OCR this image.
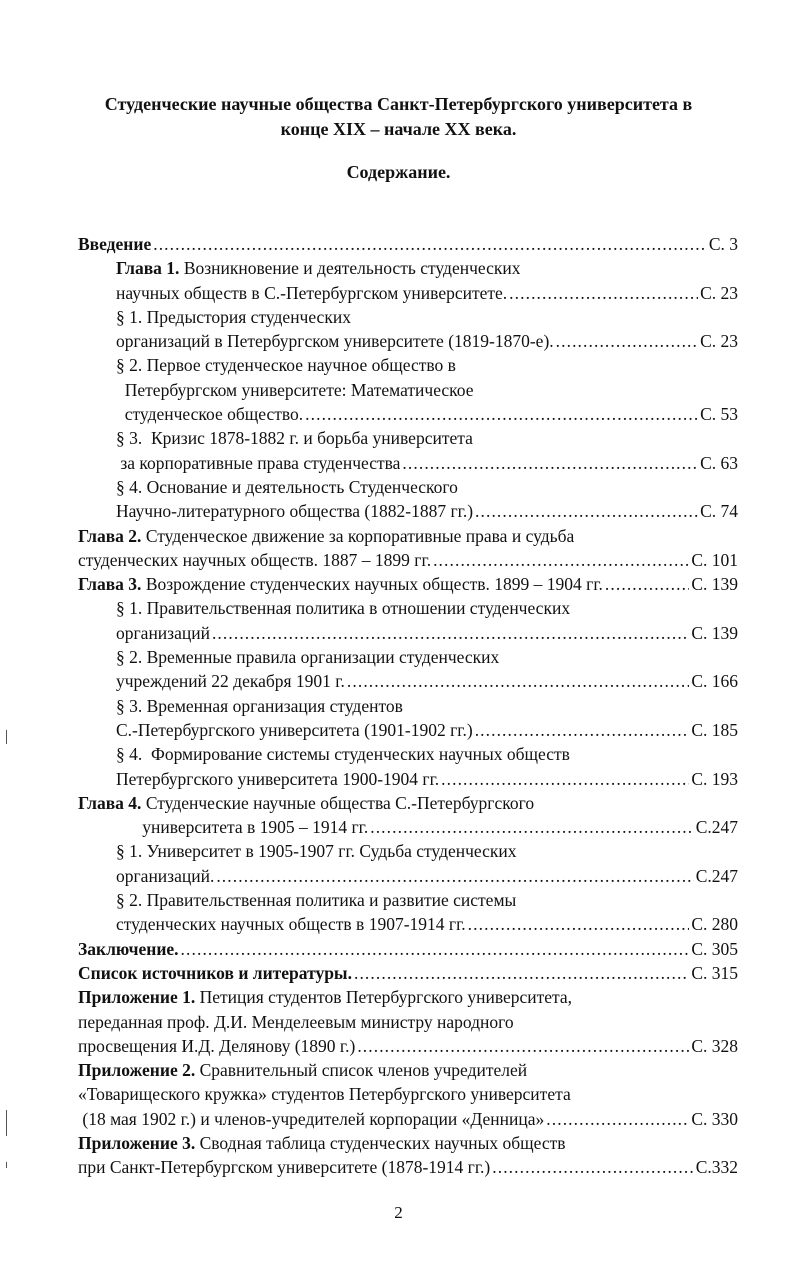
Студенческие научные общества Санкт-Петербургского университета в
конце XIX – начале XX века.
Содержание.
Введение .....	С. 3
Глава 1. Возникновение и деятельность студенческих
научных обществ в С.-Петербургском университете. .....	С. 23
§ 1. Предыстория студенческих
организаций в Петербургском университете (1819-1870-е). .....	С. 23
§ 2. Первое студенческое научное общество в
Петербургском университете: Математическое
студенческое общество. .....	С. 53
§ 3.  Кризис 1878-1882 г. и борьба университета
за корпоративные права студенчества .....	С. 63
§ 4. Основание и деятельность Студенческого
Научно-литературного общества (1882-1887 гг.) .....	С. 74
Глава 2. Студенческое движение за корпоративные права и судьба
студенческих научных обществ. 1887 – 1899 гг. .....	С. 101
Глава 3. Возрождение студенческих научных обществ. 1899 – 1904 гг. .....	С. 139
§ 1. Правительственная политика в отношении студенческих
организаций .....	С. 139
§ 2. Временные правила организации студенческих
учреждений 22 декабря 1901 г. .....	С. 166
§ 3. Временная организация студентов
С.-Петербургского университета (1901-1902 гг.) .....	С. 185
§ 4.  Формирование системы студенческих научных обществ
Петербургского университета 1900-1904 гг. .....	С. 193
Глава 4. Студенческие научные общества С.-Петербургского
университета в 1905 – 1914 гг. .....	С.247
§ 1. Университет в 1905-1907 гг. Судьба студенческих
организаций. .....	С.247
§ 2. Правительственная политика и развитие системы
студенческих научных обществ в 1907-1914 гг. .....	С. 280
Заключение. .....	С. 305
Список источников и литературы. .....	С. 315
Приложение 1. Петиция студентов Петербургского университета,
переданная проф. Д.И. Менделеевым министру народного
просвещения И.Д. Делянову (1890 г.) .....	С. 328
Приложение 2. Сравнительный список членов учредителей
«Товарищеского кружка» студентов Петербургского университета
(18 мая 1902 г.) и членов-учредителей корпорации «Денница» .....	С. 330
Приложение 3. Сводная таблица студенческих научных обществ
при Санкт-Петербургском университете (1878-1914 гг.) .....	С.332
2
